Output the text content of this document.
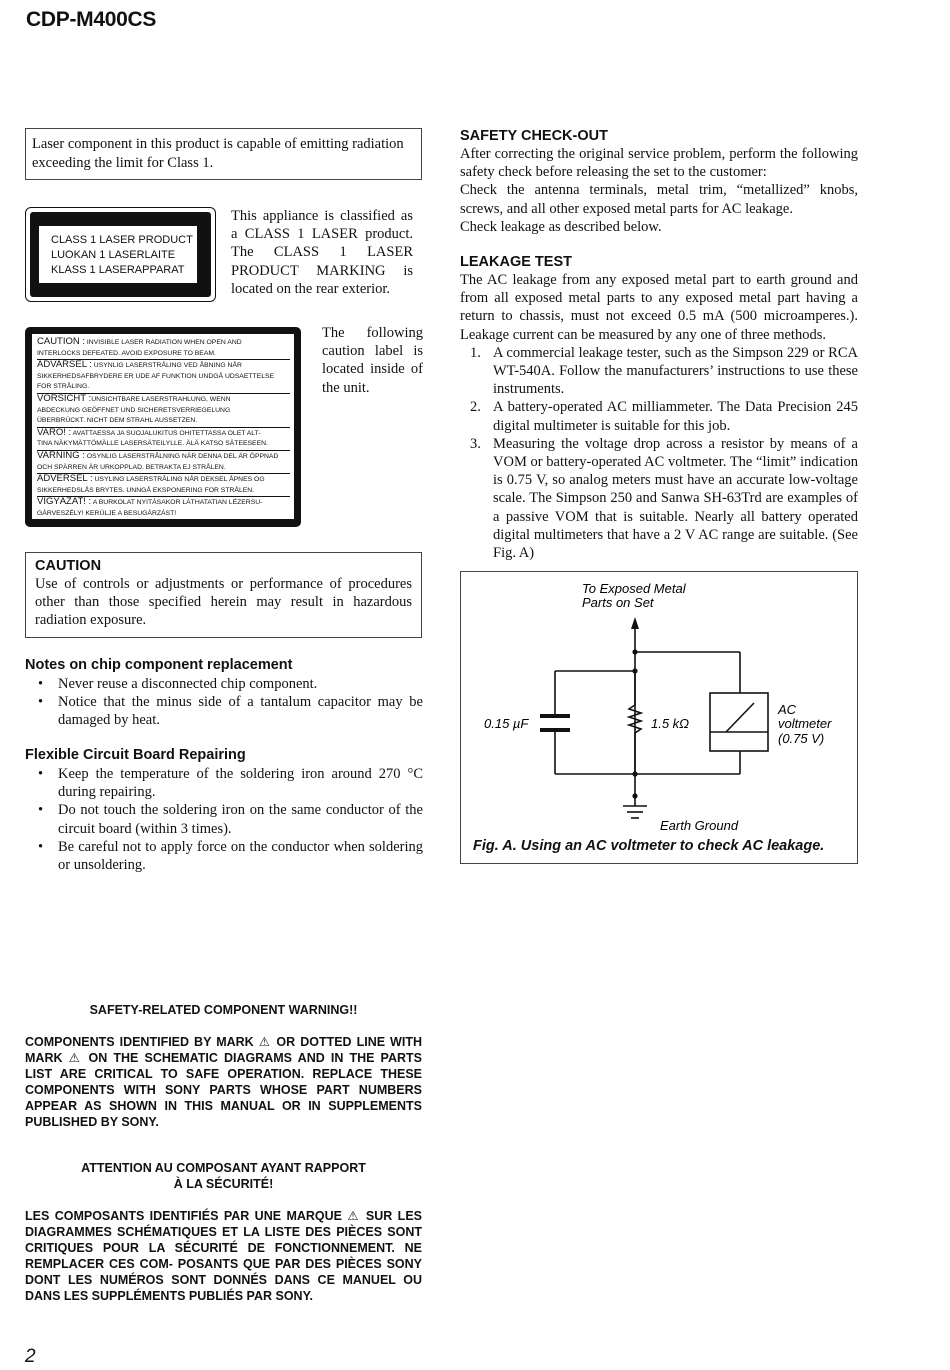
CDP-M400CS
Laser component in this product is capable of emitting radiation exceeding the limit for Class 1.
CLASS 1 LASER PRODUCT
LUOKAN 1 LASERLAITE
KLASS 1 LASERAPPARAT
This appliance is classified as a CLASS 1 LASER product. The CLASS 1 LASER PRODUCT MARKING is located on the rear exterior.
CAUTION : INVISIBLE LASER RADIATION WHEN OPEN AND
INTERLOCKS DEFEATED. AVOID EXPOSURE TO BEAM.
ADVARSEL : USYNLIG LASERSTRÅLING VED ÅBNING NÅR
SIKKERHEDSAFBRYDERE ER UDE AF FUNKTION UNDGÅ UDSAETTELSE
FOR STRÅLING.
VORSICHT :UNSICHTBARE LASERSTRAHLUNG, WENN
ABDECKUNG GEÖFFNET UND SICHERETSVERRIEGELUNG
ÜBERBRÜCKT. NICHT DEM STRAHL AUSSETZEN.
VARO! : AVATTAESSA JA SUOJALUKITUS OHITETTASSA OLET ALT-
TINA NÄKYMÄTTÖMÄLLE LASERSÄTEILYLLE. ÄLÄ KATSO SÄTEESEEN.
VARNING : OSYNLIG LASERSTRÅLNING NÄR DENNA DEL ÄR ÖPPNAD
OCH SPÄRREN ÄR URKOPPLAD. BETRAKTA EJ STRÅLEN.
ADVERSEL : USYLING LASERSTRÅLING NÅR DEKSEL ÅPNES OG
SIKKERHEDSLÅS BRYTES. UNNGÅ EKSPONERING FOR STRÅLEN.
VIGYÁZAT! : A BURKOLAT NYITÁSAKOR LÁTHATATIAN LÉZERSU-
GÁRVESZÉLY! KERÜLJE A BESUGÁRZÁST!
The following caution label is located inside of the unit.
CAUTION
Use of controls or adjustments or performance of procedures other than those specified herein may result in hazardous radiation exposure.
Notes on chip component replacement
• Never reuse a disconnected chip component.
• Notice that the minus side of a tantalum capacitor may be damaged by heat.
Flexible Circuit Board Repairing
• Keep the temperature of the soldering iron around 270 °C during repairing.
• Do not touch the soldering iron on the same conductor of the circuit board (within 3 times).
• Be careful not to apply force on the conductor when soldering or unsoldering.
SAFETY CHECK-OUT
After correcting the original service problem, perform the following safety check before releasing the set to the customer:
Check the antenna terminals, metal trim, “metallized” knobs, screws, and all other exposed metal parts for AC leakage.
Check leakage as described below.
LEAKAGE TEST
The AC leakage from any exposed metal part to earth ground and from all exposed metal parts to any exposed metal part having a return to chassis, must not exceed 0.5 mA (500 microamperes.). Leakage current can be measured by any one of three methods.
1. A commercial leakage tester, such as the Simpson 229 or RCA WT-540A. Follow the manufacturers’ instructions to use these instruments.
2. A battery-operated AC milliammeter. The Data Precision 245 digital multimeter is suitable for this job.
3. Measuring the voltage drop across a resistor by means of a VOM or battery-operated AC voltmeter. The “limit” indication is 0.75 V, so analog meters must have an accurate low-voltage scale. The Simpson 250 and Sanwa SH-63Trd are examples of a passive VOM that is suitable. Nearly all battery operated digital multimeters that have a 2 V AC range are suitable. (See Fig. A)
To Exposed Metal
Parts on Set
0.15 µF	1.5 kΩ
AC
voltmeter
(0.75 V)
Earth Ground
Fig. A. Using an AC voltmeter to check AC leakage.
SAFETY-RELATED COMPONENT WARNING!!
COMPONENTS IDENTIFIED BY MARK ⚠ OR DOTTED LINE WITH MARK ⚠ ON THE SCHEMATIC DIAGRAMS AND IN THE PARTS LIST ARE CRITICAL TO SAFE OPERATION. REPLACE THESE COMPONENTS WITH SONY PARTS WHOSE PART NUMBERS APPEAR AS SHOWN IN THIS MANUAL OR IN SUPPLEMENTS PUBLISHED BY SONY.
ATTENTION AU COMPOSANT AYANT RAPPORT
À LA SÉCURITÉ!
LES COMPOSANTS IDENTIFIÉS PAR UNE MARQUE ⚠ SUR LES DIAGRAMMES SCHÉMATIQUES ET LA LISTE DES PIÈCES SONT CRITIQUES POUR LA SÉCURITÉ DE FONCTIONNEMENT. NE REMPLACER CES COM- POSANTS QUE PAR DES PIÈCES SONY DONT LES NUMÉROS SONT DONNÉS DANS CE MANUEL OU DANS LES SUPPLÉMENTS PUBLIÉS PAR SONY.
2
